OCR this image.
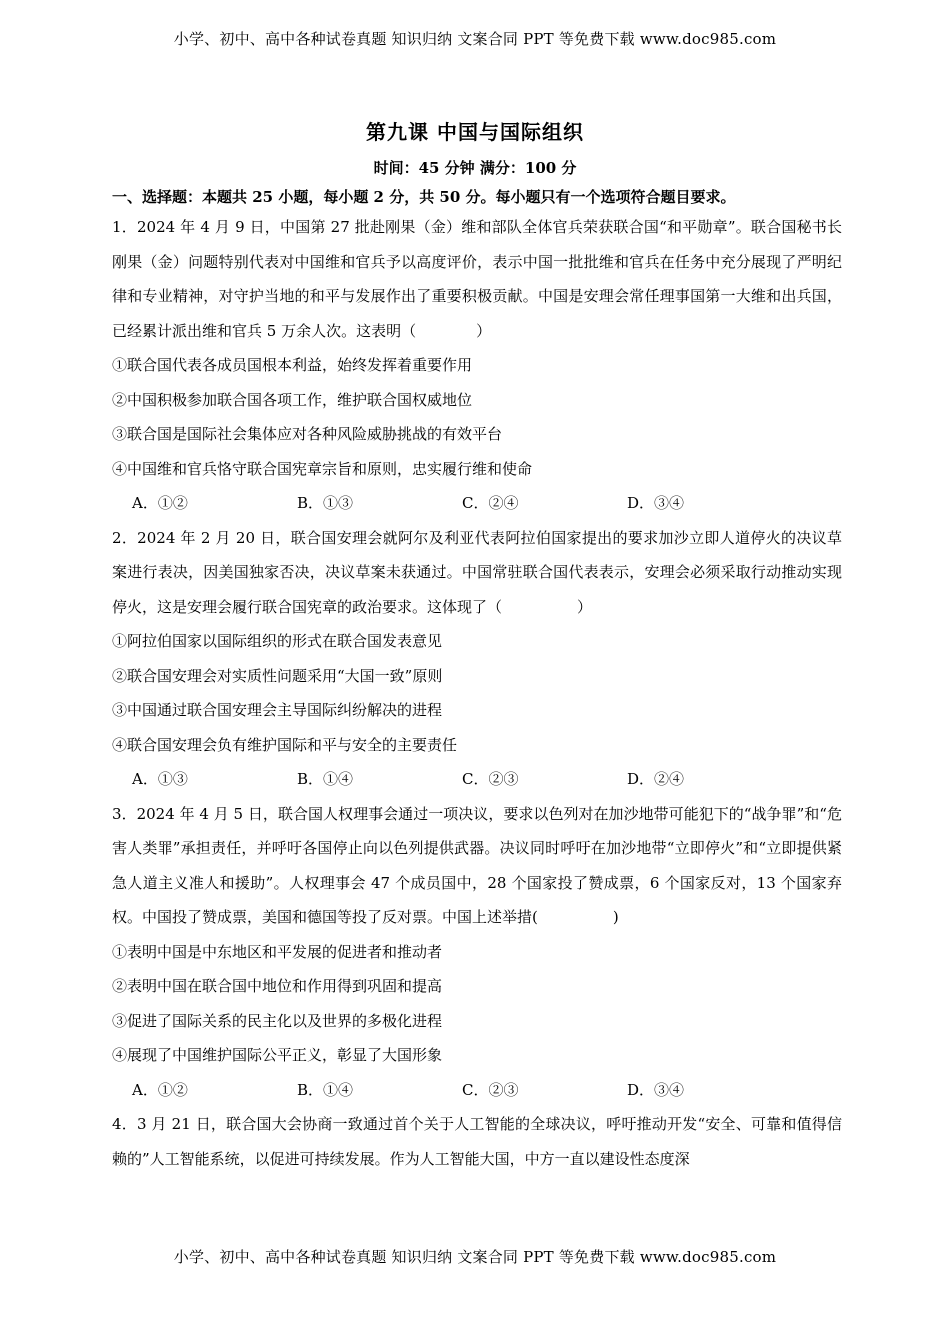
小学、初中、高中各种试卷真题 知识归纳 文案合同 PPT 等免费下载 www.doc985.com
第九课 中国与国际组织
时间：45 分钟 满分：100 分
一、选择题：本题共 25 小题，每小题 2 分，共 50 分。每小题只有一个选项符合题目要求。

1．2024 年 4 月 9 日，中国第 27 批赴刚果（金）维和部队全体官兵荣获联合国“和平勋章”。联合国秘书长刚果（金）问题特别代表对中国维和官兵予以高度评价，表示中国一批批维和官兵在任务中充分展现了严明纪律和专业精神，对守护当地的和平与发展作出了重要积极贡献。中国是安理会常任理事国第一大维和出兵国，已经累计派出维和官兵 5 万余人次。这表明（　　　　）

①联合国代表各成员国根本利益，始终发挥着重要作用

②中国积极参加联合国各项工作，维护联合国权威地位

③联合国是国际社会集体应对各种风险威胁挑战的有效平台

④中国维和官兵恪守联合国宪章宗旨和原则，忠实履行维和使命

A．①②	B．①③	C．②④	D．③④

2．2024 年 2 月 20 日，联合国安理会就阿尔及利亚代表阿拉伯国家提出的要求加沙立即人道停火的决议草案进行表决，因美国独家否决，决议草案未获通过。中国常驻联合国代表表示，安理会必须采取行动推动实现停火，这是安理会履行联合国宪章的政治要求。这体现了（　　　　　）

①阿拉伯国家以国际组织的形式在联合国发表意见

②联合国安理会对实质性问题采用“大国一致”原则

③中国通过联合国安理会主导国际纠纷解决的进程

④联合国安理会负有维护国际和平与安全的主要责任

A．①③	B．①④	C．②③	D．②④

3．2024 年 4 月 5 日，联合国人权理事会通过一项决议，要求以色列对在加沙地带可能犯下的“战争罪”和“危害人类罪”承担责任，并呼吁各国停止向以色列提供武器。决议同时呼吁在加沙地带“立即停火”和“立即提供紧急人道主义准人和援助”。人权理事会 47 个成员国中，28 个国家投了赞成票，6 个国家反对，13 个国家弃权。中国投了赞成票，美国和德国等投了反对票。中国上述举措(　　　　　)

①表明中国是中东地区和平发展的促进者和推动者

②表明中国在联合国中地位和作用得到巩固和提高

③促进了国际关系的民主化以及世界的多极化进程

④展现了中国维护国际公平正义，彰显了大国形象

A．①②	B．①④	C．②③	D．③④

4．3 月 21 日，联合国大会协商一致通过首个关于人工智能的全球决议，呼吁推动开发“安全、可靠和值得信赖的”人工智能系统，以促进可持续发展。作为人工智能大国，中方一直以建设性态度深

小学、初中、高中各种试卷真题 知识归纳 文案合同 PPT 等免费下载 www.doc985.com
